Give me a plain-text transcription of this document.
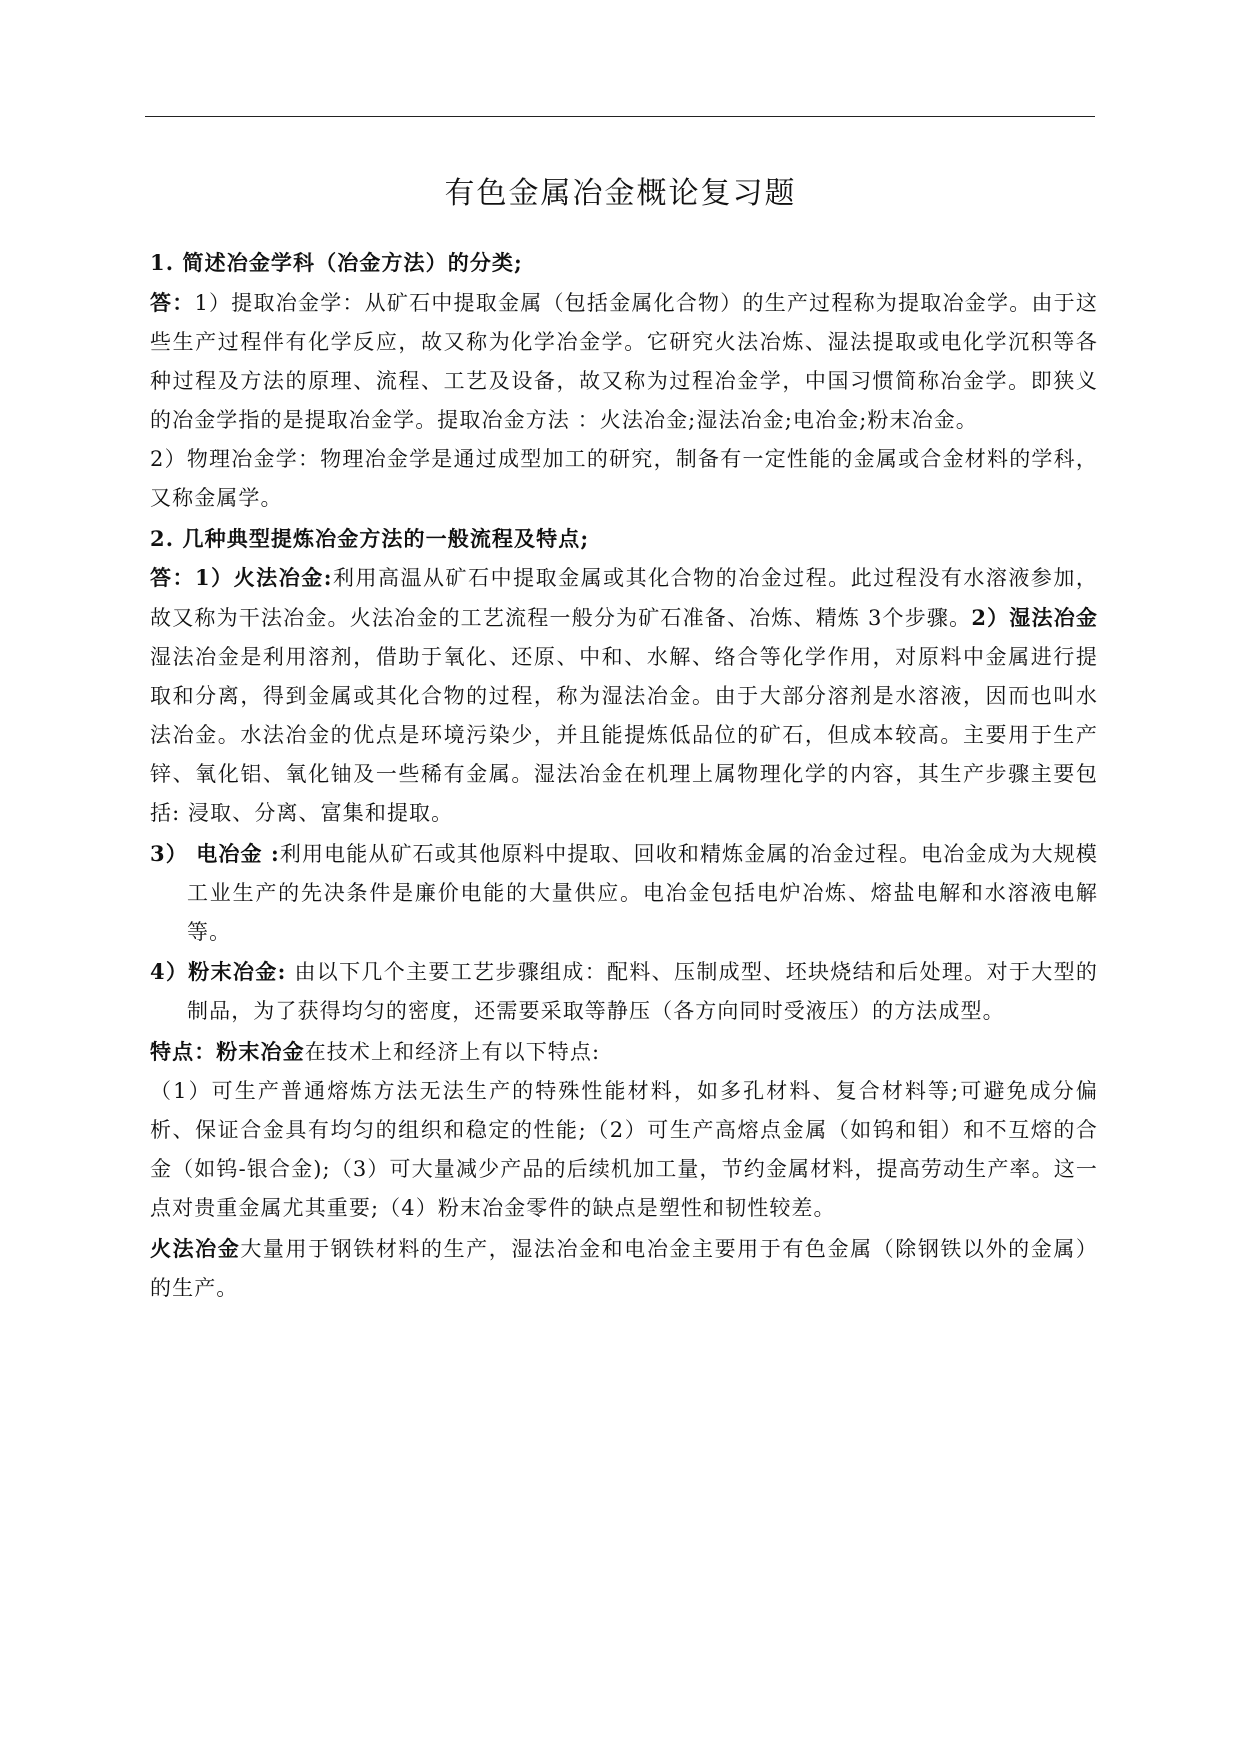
有色金属冶金概论复习题

1. 简述冶金学科（冶金方法）的分类;

答：1）提取冶金学：从矿石中提取金属（包括金属化合物）的生产过程称为提取冶金学。由于这些生产过程伴有化学反应，故又称为化学冶金学。它研究火法冶炼、湿法提取或电化学沉积等各种过程及方法的原理、流程、工艺及设备，故又称为过程冶金学，中国习惯简称冶金学。即狭义的冶金学指的是提取冶金学。提取冶金方法 ：火法冶金;湿法冶金;电冶金;粉末冶金。

2）物理冶金学：物理冶金学是通过成型加工的研究，制备有一定性能的金属或合金材料的学科，又称金属学。

2. 几种典型提炼冶金方法的一般流程及特点;

答：1）火法冶金:利用高温从矿石中提取金属或其化合物的冶金过程。此过程没有水溶液参加，故又称为干法冶金。火法冶金的工艺流程一般分为矿石准备、冶炼、精炼 3个步骤。2）湿法冶金 湿法冶金是利用溶剂，借助于氧化、还原、中和、水解、络合等化学作用，对原料中金属进行提取和分离，得到金属或其化合物的过程，称为湿法冶金。由于大部分溶剂是水溶液，因而也叫水法冶金。水法冶金的优点是环境污染少，并且能提炼低品位的矿石，但成本较高。主要用于生产锌、氧化铝、氧化铀及一些稀有金属。湿法冶金在机理上属物理化学的内容，其生产步骤主要包括: 浸取、分离、富集和提取。

3） 电冶金 :利用电能从矿石或其他原料中提取、回收和精炼金属的冶金过程。电冶金成为大规模工业生产的先决条件是廉价电能的大量供应。电冶金包括电炉冶炼、熔盐电解和水溶液电解等。

4）粉末冶金: 由以下几个主要工艺步骤组成：配料、压制成型、坯块烧结和后处理。对于大型的制品，为了获得均匀的密度，还需要采取等静压（各方向同时受液压）的方法成型。

特点：粉末冶金在技术上和经济上有以下特点:

（1）可生产普通熔炼方法无法生产的特殊性能材料，如多孔材料、复合材料等;可避免成分偏析、保证合金具有均匀的组织和稳定的性能;（2）可生产高熔点金属（如钨和钼）和不互熔的合金（如钨-银合金);（3）可大量减少产品的后续机加工量，节约金属材料，提高劳动生产率。这一点对贵重金属尤其重要;（4）粉末冶金零件的缺点是塑性和韧性较差。

火法冶金大量用于钢铁材料的生产，湿法冶金和电冶金主要用于有色金属（除钢铁以外的金属）的生产。
